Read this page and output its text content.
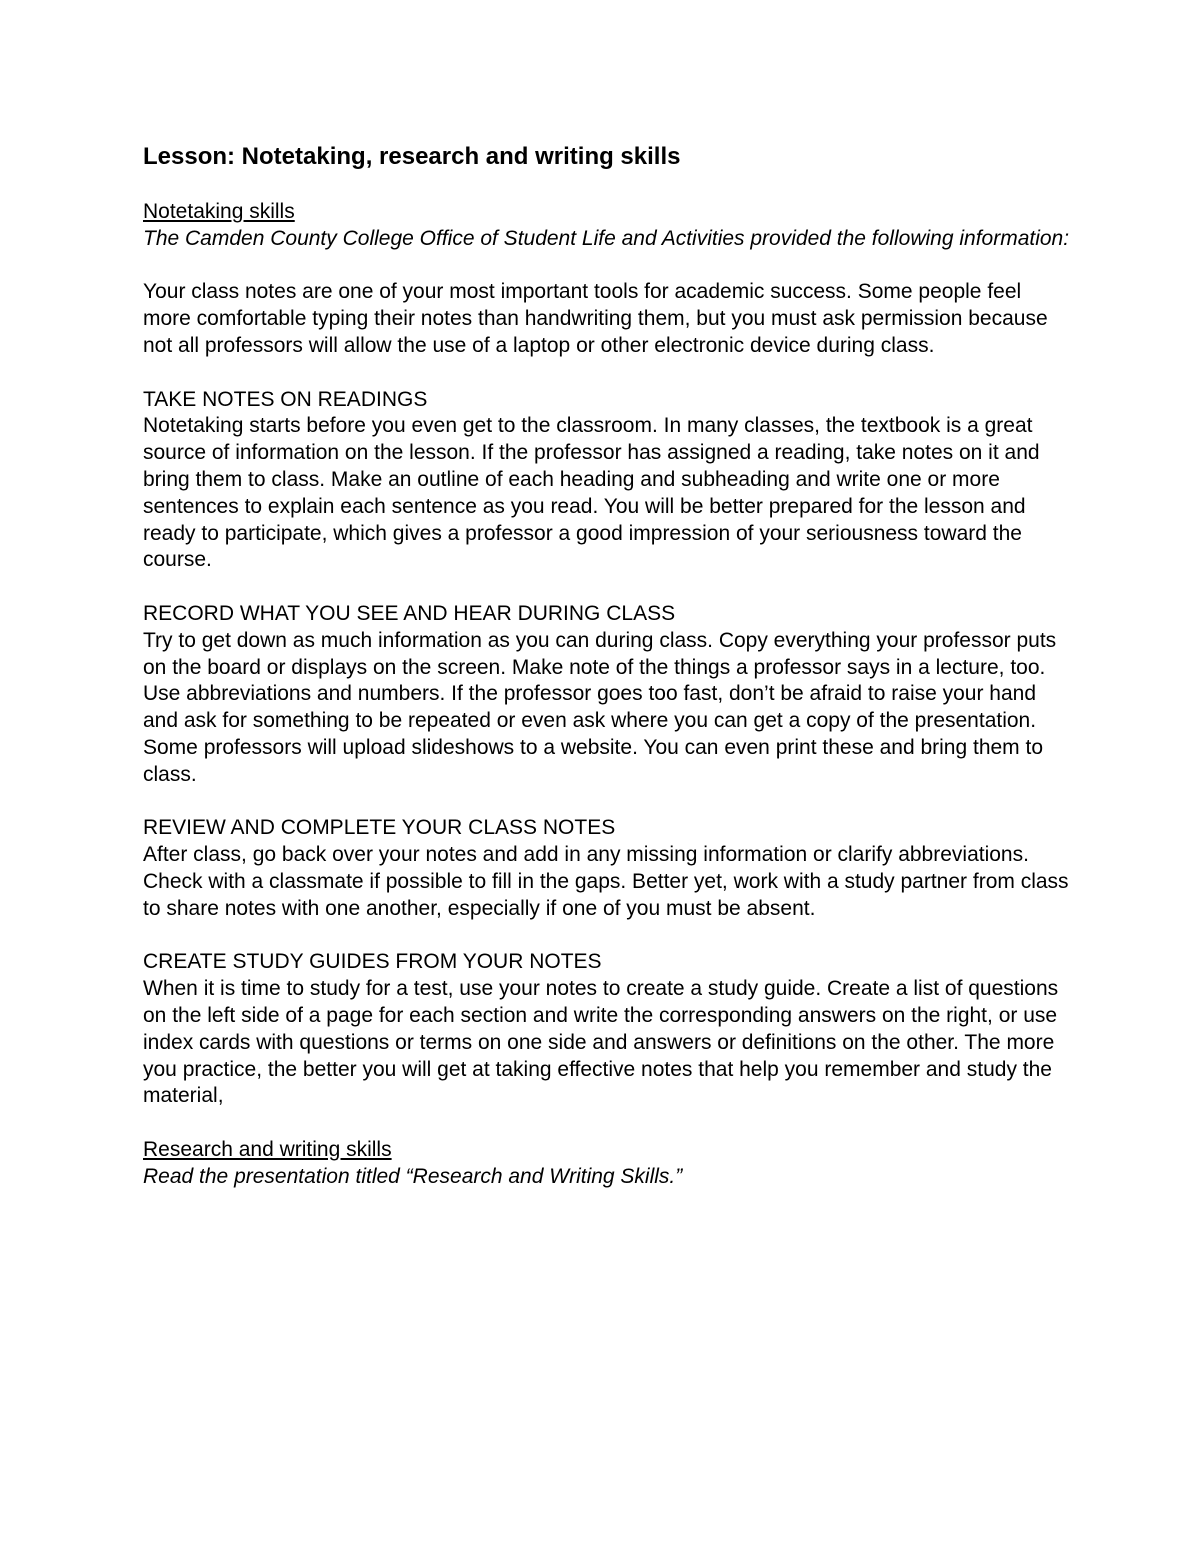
Lesson: Notetaking, research and writing skills

Notetaking skills

The Camden County College Office of Student Life and Activities provided the following information:

Your class notes are one of your most important tools for academic success. Some people feel more comfortable typing their notes than handwriting them, but you must ask permission because not all professors will allow the use of a laptop or other electronic device during class.

TAKE NOTES ON READINGS

Notetaking starts before you even get to the classroom. In many classes, the textbook is a great source of information on the lesson. If the professor has assigned a reading, take notes on it and bring them to class. Make an outline of each heading and subheading and write one or more sentences to explain each sentence as you read. You will be better prepared for the lesson and ready to participate, which gives a professor a good impression of your seriousness toward the course.

RECORD WHAT YOU SEE AND HEAR DURING CLASS

Try to get down as much information as you can during class. Copy everything your professor puts on the board or displays on the screen. Make note of the things a professor says in a lecture, too. Use abbreviations and numbers. If the professor goes too fast, don’t be afraid to raise your hand and ask for something to be repeated or even ask where you can get a copy of the presentation. Some professors will upload slideshows to a website. You can even print these and bring them to class.

REVIEW AND COMPLETE YOUR CLASS NOTES

After class, go back over your notes and add in any missing information or clarify abbreviations. Check with a classmate if possible to fill in the gaps. Better yet, work with a study partner from class to share notes with one another, especially if one of you must be absent.

CREATE STUDY GUIDES FROM YOUR NOTES

When it is time to study for a test, use your notes to create a study guide. Create a list of questions on the left side of a page for each section and write the corresponding answers on the right, or use index cards with questions or terms on one side and answers or definitions on the other. The more you practice, the better you will get at taking effective notes that help you remember and study the material,

Research and writing skills

Read the presentation titled “Research and Writing Skills.”
